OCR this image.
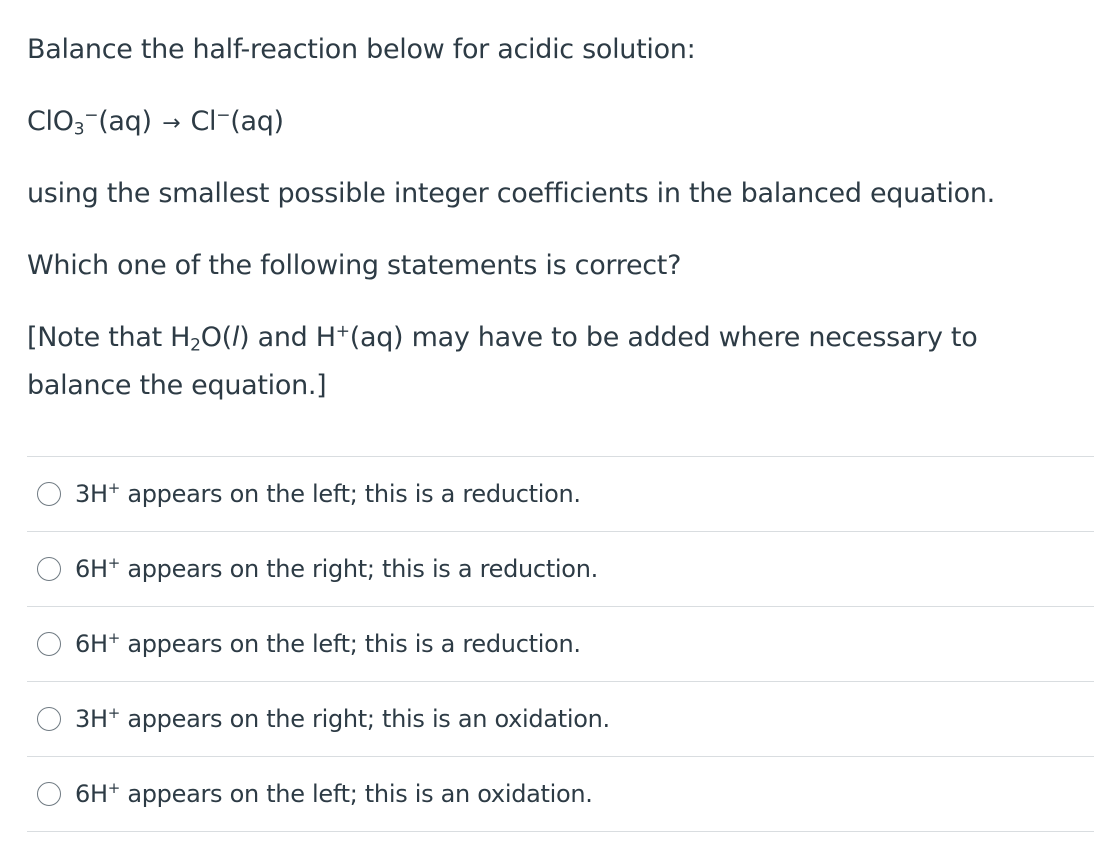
Balance the half-reaction below for acidic solution:

ClO$_3$−(aq) → Cl−(aq)

using the smallest possible integer coefficients in the balanced equation.

Which one of the following statements is correct?

[Note that $H_2O(l)$ and H+(aq) may have to be added where necessary to
balance the equation.]
3H+ appears on the left; this is a reduction.
6H+ appears on the right; this is a reduction.
6H+ appears on the left; this is a reduction.
3H+ appears on the right; this is an oxidation.
6H+ appears on the left; this is an oxidation.
